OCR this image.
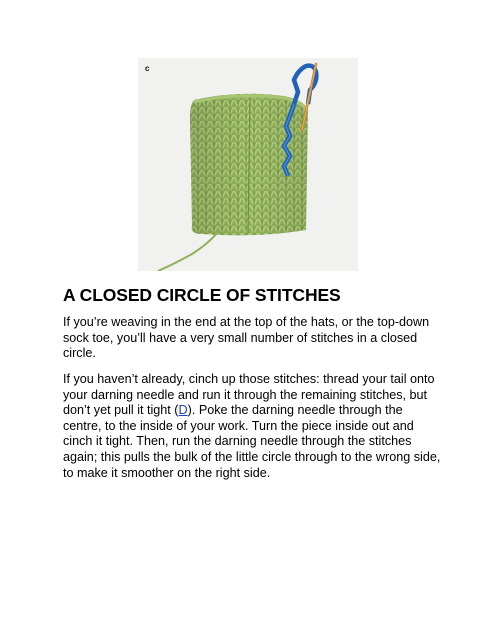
c
A CLOSED CIRCLE OF STITCHES

If you’re weaving in the end at the top of the hats, or the top-down sock toe, you’ll have a very small number of stitches in a closed circle.

If you haven’t already, cinch up those stitches: thread your tail onto your darning needle and run it through the remaining stitches, but don’t yet pull it tight (D). Poke the darning needle through the centre, to the inside of your work. Turn the piece inside out and cinch it tight. Then, run the darning needle through the stitches again; this pulls the bulk of the little circle through to the wrong side, to make it smoother on the right side.
